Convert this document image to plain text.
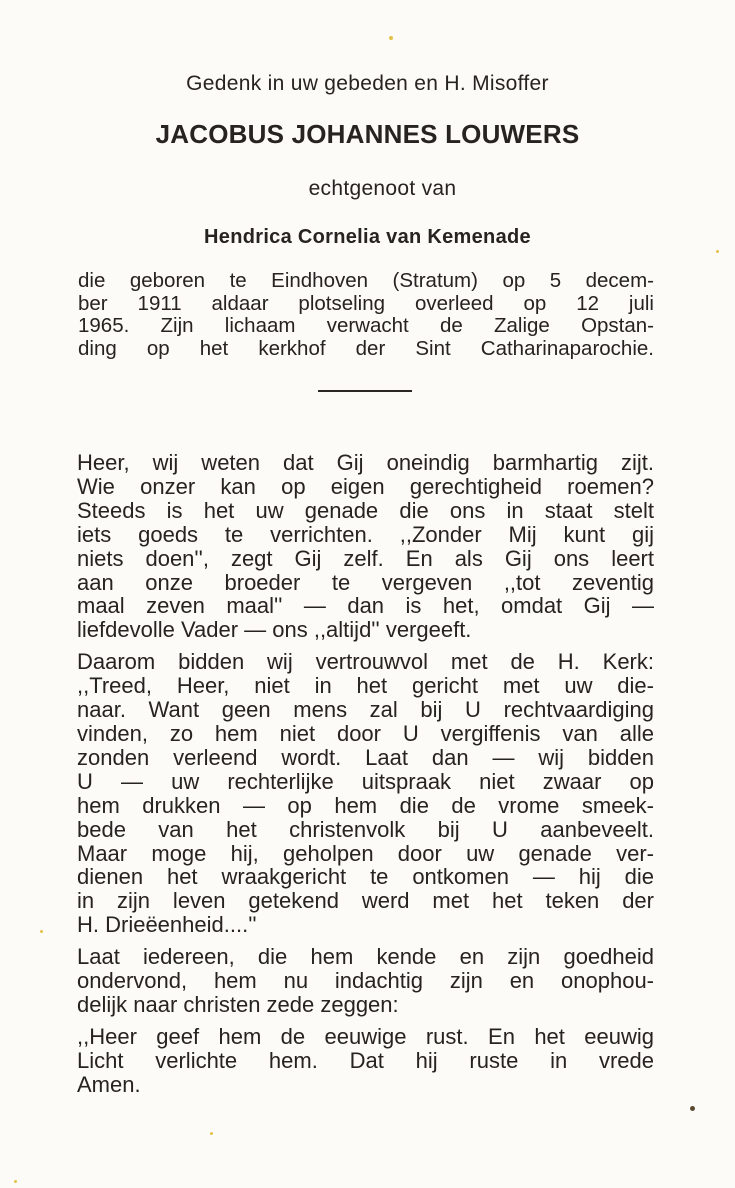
Gedenk in uw gebeden en H. Misoffer
JACOBUS JOHANNES LOUWERS
echtgenoot van
Hendrica Cornelia van Kemenade
die geboren te Eindhoven (Stratum) op 5 decem-
ber 1911 aldaar plotseling overleed op 12 juli
1965. Zijn lichaam verwacht de Zalige Opstan-
ding op het kerkhof der Sint Catharinaparochie.
Heer, wij weten dat Gij oneindig barmhartig zijt.
Wie onzer kan op eigen gerechtigheid roemen?
Steeds is het uw genade die ons in staat stelt
iets goeds te verrichten. ,,Zonder Mij kunt gij
niets doen'', zegt Gij zelf. En als Gij ons leert
aan onze broeder te vergeven ,,tot zeventig
maal zeven maal'' — dan is het, omdat Gij —
liefdevolle Vader — ons ,,altijd'' vergeeft.
Daarom bidden wij vertrouwvol met de H. Kerk:
,,Treed, Heer, niet in het gericht met uw die-
naar. Want geen mens zal bij U rechtvaardiging
vinden, zo hem niet door U vergiffenis van alle
zonden verleend wordt. Laat dan — wij bidden
U — uw rechterlijke uitspraak niet zwaar op
hem drukken — op hem die de vrome smeek-
bede van het christenvolk bij U aanbeveelt.
Maar moge hij, geholpen door uw genade ver-
dienen het wraakgericht te ontkomen — hij die
in zijn leven getekend werd met het teken der
H. Drieëenheid....''
Laat iedereen, die hem kende en zijn goedheid
ondervond, hem nu indachtig zijn en onophou-
delijk naar christen zede zeggen:
,,Heer geef hem de eeuwige rust. En het eeuwig
Licht verlichte hem. Dat hij ruste in vrede
Amen.
